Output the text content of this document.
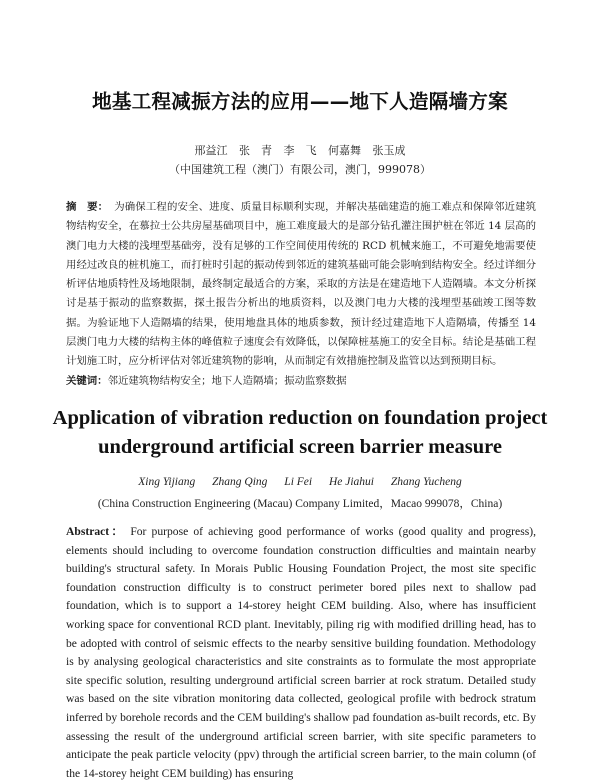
地基工程减振方法的应用——地下人造隔墙方案
邢益江 张　青 李　飞 何嘉舞 张玉成
（中国建筑工程（澳门）有限公司，澳门，999078）
摘　要： 为确保工程的安全、进度、质量目标顺利实现，并解决基础建造的施工难点和保障邻近建筑物结构安全，在慕拉士公共房屋基础项目中，施工难度最大的是部分钻孔灌注围护桩在邻近 14 层高的澳门电力大楼的浅埋型基础旁，没有足够的工作空间使用传统的 RCD 机械来施工，不可避免地需要使用经过改良的桩机施工，而打桩时引起的振动传到邻近的建筑基础可能会影响到结构安全。经过详细分析评估地质特性及场地限制，最终制定最适合的方案，采取的方法是在建造地下人造隔墙。本文分析探讨是基于振动的监察数据，探土报告分析出的地质资料，以及澳门电力大楼的浅埋型基础竣工图等数据。为验证地下人造隔墙的结果，使用地盘具体的地质参数，预计经过建造地下人造隔墙，传播至 14 层澳门电力大楼的结构主体的峰值粒子速度会有效降低，以保障桩基施工的安全目标。结论是基础工程计划施工时，应分析评估对邻近建筑物的影响，从而制定有效措施控制及监管以达到预期目标。
关键词：邻近建筑物结构安全；地下人造隔墙；振动监察数据
Application of vibration reduction on foundation project
underground artificial screen barrier measure
Xing Yijiang Zhang Qing Li Fei He Jiahui Zhang Yucheng
(China Construction Engineering (Macau) Company Limited，Macao 999078，China)
Abstract： For purpose of achieving good performance of works (good quality and progress), elements should including to overcome foundation construction difficulties and maintain nearby building's structural safety. In Morais Public Housing Foundation Project, the most site specific foundation construction difficulty is to construct perimeter bored piles next to shallow pad foundation, which is to support a 14-storey height CEM building. Also, where has insufficient working space for conventional RCD plant. Inevitably, piling rig with modified drilling head, has to be adopted with control of seismic effects to the nearby sensitive building foundation. Methodology is by analysing geological characteristics and site constraints as to formulate the most appropriate site specific solution, resulting underground artificial screen barrier at rock stratum. Detailed study was based on the site vibration monitoring data collected, geological profile with bedrock stratum inferred by borehole records and the CEM building's shallow pad foundation as-built records, etc. By assessing the result of the underground artificial screen barrier, with site specific parameters to anticipate the peak particle velocity (ppv) through the artificial screen barrier, to the main column (of the 14-storey height CEM building) has ensuring
